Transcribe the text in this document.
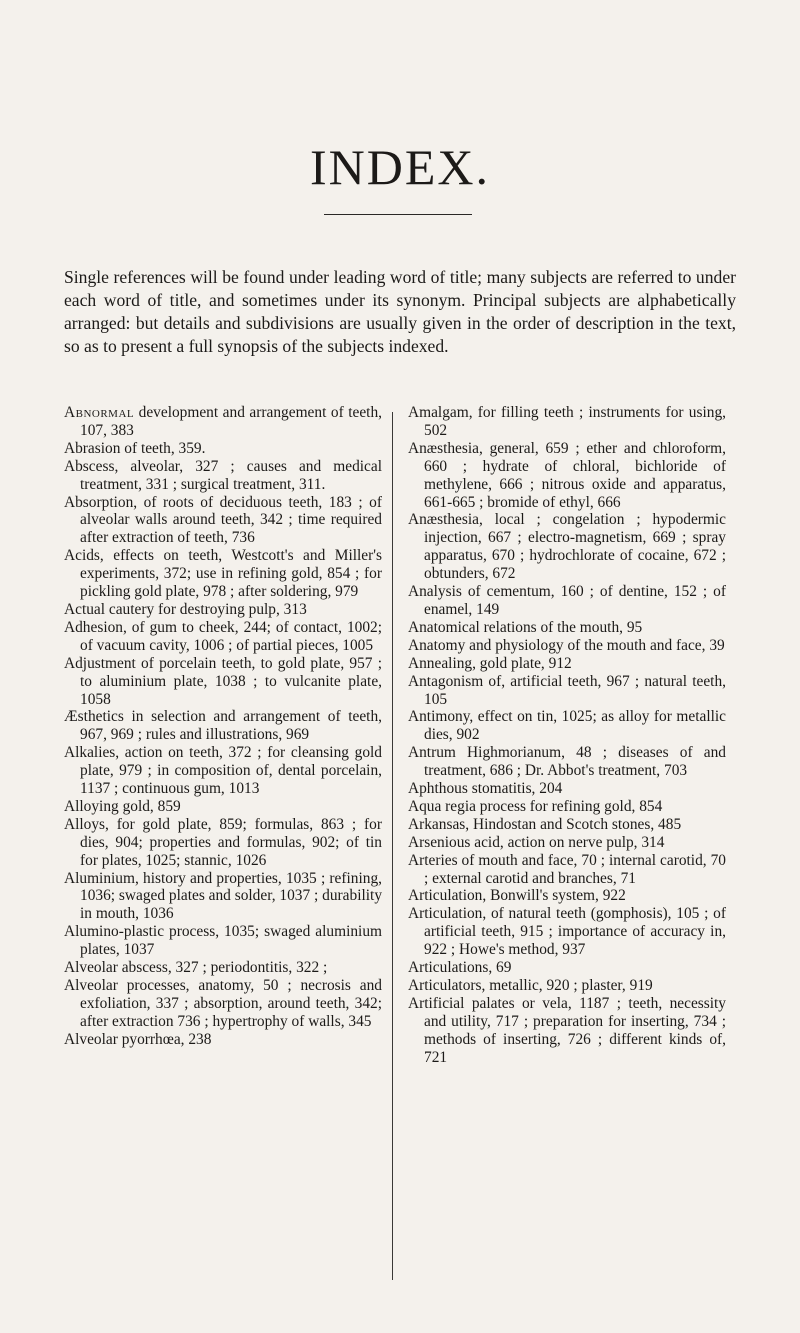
INDEX.

Single references will be found under leading word of title; many subjects are referred to under each word of title, and sometimes under its synonym. Principal subjects are alphabetically arranged: but details and subdivisions are usually given in the order of description in the text, so as to present a full synopsis of the subjects indexed.

Abnormal development and arrangement of teeth, 107, 383

Abrasion of teeth, 359.

Abscess, alveolar, 327 ; causes and medical treatment, 331 ; surgical treatment, 311.

Absorption, of roots of deciduous teeth, 183 ; of alveolar walls around teeth, 342 ; time required after extraction of teeth, 736

Acids, effects on teeth, Westcott's and Miller's experiments, 372; use in refining gold, 854 ; for pickling gold plate, 978 ; after soldering, 979

Actual cautery for destroying pulp, 313

Adhesion, of gum to cheek, 244; of contact, 1002; of vacuum cavity, 1006 ; of partial pieces, 1005

Adjustment of porcelain teeth, to gold plate, 957 ; to aluminium plate, 1038 ; to vulcanite plate, 1058

Æsthetics in selection and arrangement of teeth, 967, 969 ; rules and illustrations, 969

Alkalies, action on teeth, 372 ; for cleansing gold plate, 979 ; in composition of, dental porcelain, 1137 ; continuous gum, 1013

Alloying gold, 859

Alloys, for gold plate, 859; formulas, 863 ; for dies, 904; properties and formulas, 902; of tin for plates, 1025; stannic, 1026

Aluminium, history and properties, 1035 ; refining, 1036; swaged plates and solder, 1037 ; durability in mouth, 1036

Alumino-plastic process, 1035; swaged aluminium plates, 1037

Alveolar abscess, 327 ; periodontitis, 322 ;

Alveolar processes, anatomy, 50 ; necrosis and exfoliation, 337 ; absorption, around teeth, 342; after extraction 736 ; hypertrophy of walls, 345

Alveolar pyorrhœa, 238

Amalgam, for filling teeth ; instruments for using, 502

Anæsthesia, general, 659 ; ether and chloroform, 660 ; hydrate of chloral, bichloride of methylene, 666 ; nitrous oxide and apparatus, 661-665 ; bromide of ethyl, 666

Anæsthesia, local ; congelation ; hypodermic injection, 667 ; electro-magnetism, 669 ; spray apparatus, 670 ; hydrochlorate of cocaine, 672 ; obtunders, 672

Analysis of cementum, 160 ; of dentine, 152 ; of enamel, 149

Anatomical relations of the mouth, 95

Anatomy and physiology of the mouth and face, 39

Annealing, gold plate, 912

Antagonism of, artificial teeth, 967 ; natural teeth, 105

Antimony, effect on tin, 1025; as alloy for metallic dies, 902

Antrum Highmorianum, 48 ; diseases of and treatment, 686 ; Dr. Abbot's treatment, 703

Aphthous stomatitis, 204

Aqua regia process for refining gold, 854

Arkansas, Hindostan and Scotch stones, 485

Arsenious acid, action on nerve pulp, 314

Arteries of mouth and face, 70 ; internal carotid, 70 ; external carotid and branches, 71

Articulation, Bonwill's system, 922

Articulation, of natural teeth (gomphosis), 105 ; of artificial teeth, 915 ; importance of accuracy in, 922 ; Howe's method, 937

Articulations, 69

Articulators, metallic, 920 ; plaster, 919

Artificial palates or vela, 1187 ; teeth, necessity and utility, 717 ; preparation for inserting, 734 ; methods of inserting, 726 ; different kinds of, 721
